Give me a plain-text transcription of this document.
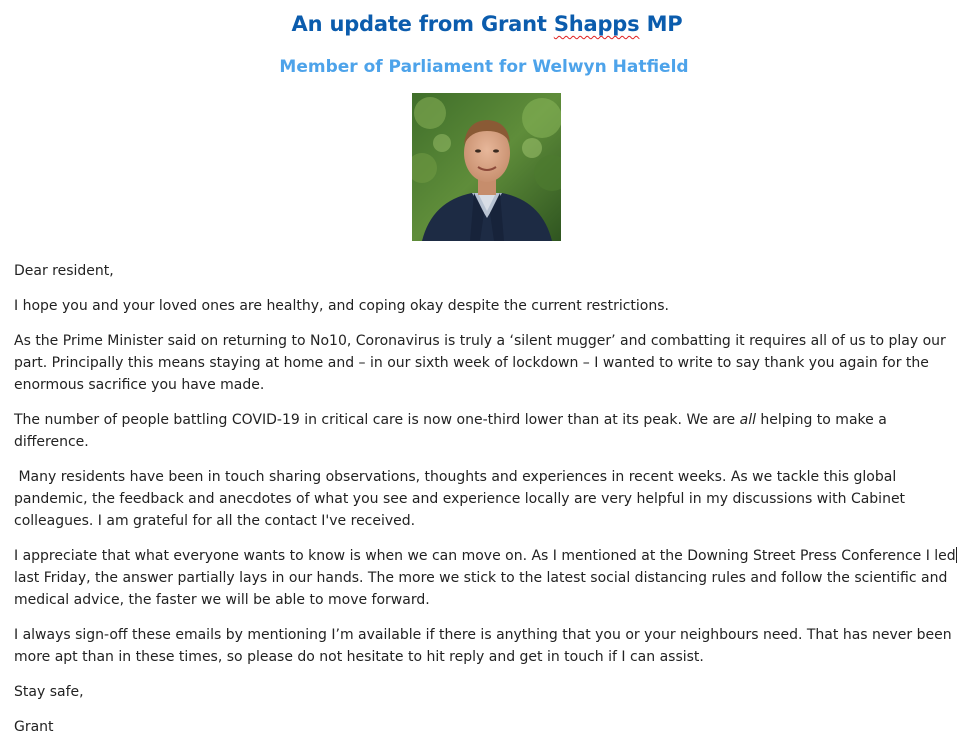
An update from Grant Shapps MP
Member of Parliament for Welwyn Hatfield

Dear resident,

I hope you and your loved ones are healthy, and coping okay despite the current restrictions.

As the Prime Minister said on returning to No10, Coronavirus is truly a ‘silent mugger’ and combatting it requires all of us to play our part. Principally this means staying at home and – in our sixth week of lockdown – I wanted to write to say thank you again for the enormous sacrifice you have made.

The number of people battling COVID-19 in critical care is now one-third lower than at its peak. We are all helping to make a difference.

Many residents have been in touch sharing observations, thoughts and experiences in recent weeks. As we tackle this global pandemic, the feedback and anecdotes of what you see and experience locally are very helpful in my discussions with Cabinet colleagues. I am grateful for all the contact I've received.

I appreciate that what everyone wants to know is when we can move on. As I mentioned at the Downing Street Press Conference I led last Friday, the answer partially lays in our hands. The more we stick to the latest social distancing rules and follow the scientific and medical advice, the faster we will be able to move forward.

I always sign-off these emails by mentioning I’m available if there is anything that you or your neighbours need. That has never been more apt than in these times, so please do not hesitate to hit reply and get in touch if I can assist.

Stay safe,

Grant
